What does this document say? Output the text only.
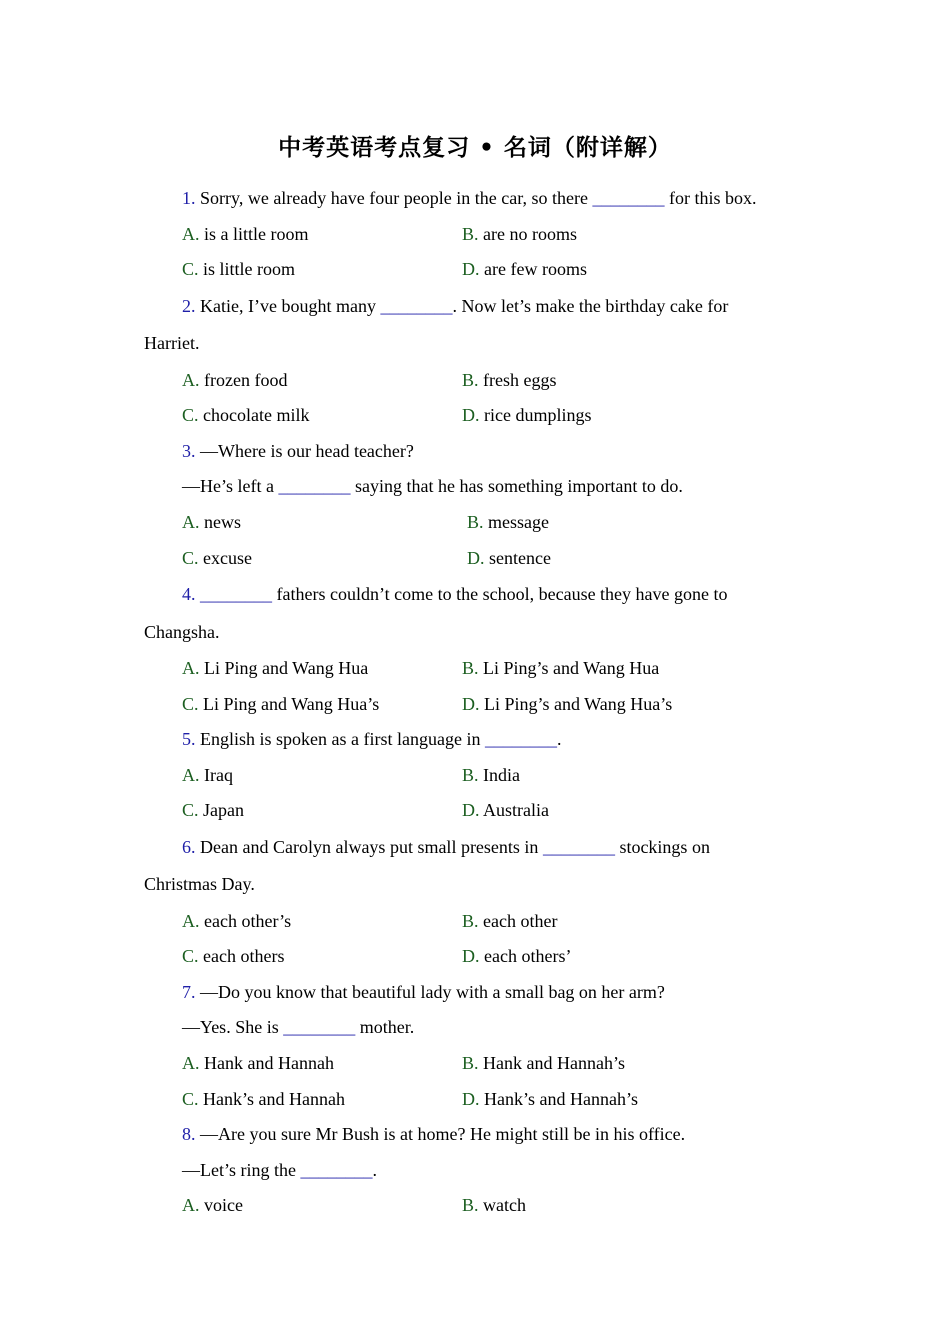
中考英语考点复习 • 名词（附详解）
1. Sorry, we already have four people in the car, so there ________ for this box.
A. is a little room	B. are no rooms
C. is little room	D. are few rooms
2. Katie, I’ve bought many ________. Now let’s make the birthday cake for
Harriet.
A. frozen food	B. fresh eggs
C. chocolate milk	D. rice dumplings
3. —Where is our head teacher?
—He’s left a ________ saying that he has something important to do.
A. news	B. message
C. excuse	D. sentence
4. ________ fathers couldn’t come to the school, because they have gone to
Changsha.
A. Li Ping and Wang Hua	B. Li Ping’s and Wang Hua
C. Li Ping and Wang Hua’s	D. Li Ping’s and Wang Hua’s
5. English is spoken as a first language in ________.
A. Iraq	B. India
C. Japan	D. Australia
6. Dean and Carolyn always put small presents in ________ stockings on
Christmas Day.
A. each other’s	B. each other
C. each others	D. each others’
7. —Do you know that beautiful lady with a small bag on her arm?
—Yes. She is ________ mother.
A. Hank and Hannah	B. Hank and Hannah’s
C. Hank’s and Hannah	D. Hank’s and Hannah’s
8. —Are you sure Mr Bush is at home? He might still be in his office.
—Let’s ring the ________.
A. voice	B. watch
